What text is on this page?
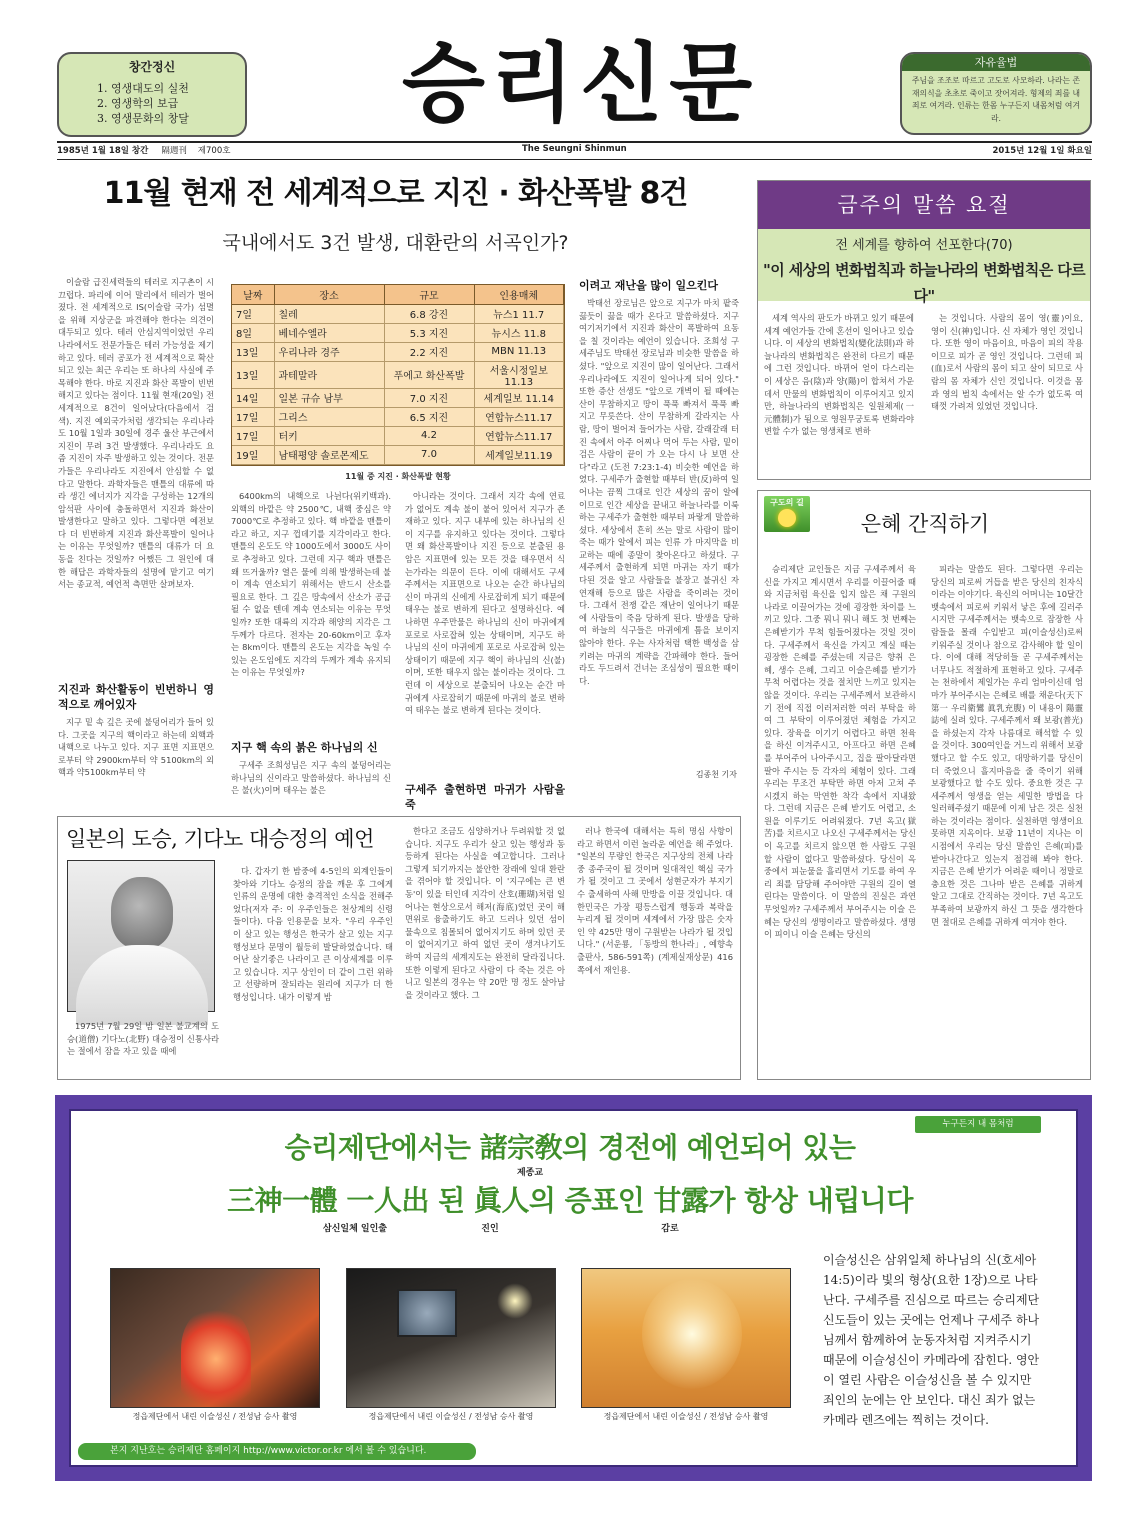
창간정신
1. 영생대도의 실천
2. 영생학의 보급
3. 영생문화의 창달	승리신문	자유율법
주님을 조조로 따르고 고도로 사모하라. 나라는 존재의식을 초초로 죽이고 잣어져라. 형제의 죄를 내 죄로 여겨라. 인류는 한몸 누구든지 내몸처럼 여겨라.
1985년 1월 18일 창간 隔週刊 제700호	The Seungni Shinmun	2015년 12월 1일 화요일
11월 현재 전 세계적으로 지진 · 화산폭발 8건
국내에서도 3건 발생, 대환란의 서곡인가?

이슬람 급진세력들의 테러로 지구촌이 시끄럽다. 파리에 이어 말리에서 테러가 벌어졌다. 전 세계적으로 IS(이슬람 국가) 섬멸을 위해 지상군을 파견해야 한다는 의견이 대두되고 있다. 테러 안심지역이었던 우리나라에서도 전문가들은 테러 가능성을 제기하고 있다. 테러 공포가 전 세계적으로 확산되고 있는 최근 우리는 또 하나의 사실에 주목해야 한다. 바로 지진과 화산 폭발이 빈번해지고 있다는 점이다. 11월 현재(20일) 전 세계적으로 8건이 일어났다(다음에서 검색). 지진 예외국가처럼 생각되는 우리나라도 10월 1일과 30일에 경주 울산 부근에서 지진이 무려 3건 발생했다. 우리나라도 요즘 지진이 자주 발생하고 있는 것이다. 전문가들은 우리나라도 지진에서 안심할 수 없다고 말한다. 과학자들은 맨틀의 대류에 따라 생긴 에너지가 지각을 구성하는 12개의 암석판 사이에 충돌하면서 지진과 화산이 발생한다고 말하고 있다. 그렇다면 예전보다 더 빈번하게 지진과 화산폭발이 일어나는 이유는 무엇일까? 맨틀의 대류가 더 요동을 친다는 것일까? 어쨌든 그 원인에 대한 해답은 과학자들의 설명에 맡기고 여기서는 종교적, 예언적 측면만 살펴보자.

지진과 화산활동이 빈번하니 영적으로 깨어있자

지구 밑 속 깊은 곳에 불덩어리가 들어 있다. 그곳을 지구의 핵이라고 하는데 외핵과 내핵으로 나누고 있다. 지구 표면 지표면으로부터 약 2900km부터 약 5100km의 외핵과 약5100km부터 약

날짜	장소	규모	인용매체
7일	칠레	6.8 강진	뉴스1 11.7
8일	베네수엘라	5.3 지진	뉴시스 11.8
13일	우리나라 경주	2.2 지진	MBN 11.13
13일	과테말라	푸에고 화산폭발	서울시정일보 11.13
14일	일본 규슈 남부	7.0 지진	세계일보 11.14
17일	그리스	6.5 지진	연합뉴스11.17
17일	터키	4.2	연합뉴스11.17
19일	남태평양 솔로몬제도	7.0	세계일보11.19
11월 중 지진 · 화산폭발 현황

6400km의 내핵으로 나뉜다(위키백과). 외핵의 바깥은 약 2500℃, 내핵 중심은 약 7000℃로 추정하고 있다. 핵 바깥을 맨틀이라고 하고, 지구 껍데기를 지각이라고 한다. 맨틀의 온도도 약 1000도에서 3000도 사이로 추정하고 있다. 그런데 지구 핵과 맨틀은 왜 뜨거울까? 열은 물에 의해 발생하는데 불이 계속 연소되기 위해서는 반드시 산소를 필요로 한다. 그 깊은 땅속에서 산소가 공급될 수 없을 텐데 계속 연소되는 이유는 무엇일까? 또한 대륙의 지각과 해양의 지각은 그 두께가 다르다. 전자는 20-60km이고 후자는 8km이다. 맨틀의 온도는 지각을 녹일 수 있는 온도임에도 지각의 두께가 계속 유지되는 이유는 무엇일까?

지구 핵 속의 붉은 하나님의 신

구세주 조희성님은 지구 속의 불덩어리는 하나님의 신이라고 말씀하셨다. 하나님의 신은 불(火)이며 태우는 불은

아니라는 것이다. 그래서 지각 속에 연료가 없어도 계속 불이 붙어 있어서 지구가 존재하고 있다. 지구 내부에 있는 하나님의 신이 지구를 유지하고 있다는 것이다. 그렇다면 왜 화산폭발이나 지진 등으로 분출된 용암은 지표면에 있는 모든 것을 태우면서 식는가라는 의문이 든다. 이에 대해서도 구세주께서는 지표면으로 나오는 순간 하나님의 신이 마귀의 신에게 사로잡히게 되기 때문에 태우는 불로 변하게 된다고 설명하신다. 예나하면 우주만물은 하나님의 신이 마귀에게 포로로 사로잡혀 있는 상태이며, 지구도 하나님의 신이 마귀에게 포로로 사로잡혀 있는 상태이기 때문에 지구 핵이 하나님의 신(불)이며, 또한 태우지 않는 불이라는 것이다. 그런데 이 세상으로 분출되어 나오는 순간 마귀에게 사로잡히기 때문에 마귀의 불로 변하여 태우는 불로 변하게 된다는 것이다.

구세주 출현하면 마귀가 사람을 죽
이려고 재난을 많이 일으킨다

박태선 장로님은 앞으로 지구가 마치 팥죽 끓듯이 끓을 때가 온다고 말씀하셨다. 지구 여기저기에서 지진과 화산이 폭발하여 요동을 칠 것이라는 예언이 있습니다. 조희성 구세주님도 박태선 장로님과 비슷한 말씀을 하셨다. "앞으로 지진이 많이 일어난다. 그래서 우리나라에도 지진이 일어나게 되어 있다." 또한 증산 선생도 "앞으로 개벽이 될 때에는 산이 무참하지고 땅이 푹푹 빠져서 푹푹 빠지고 무릇쓴다. 산이 무참하게 갈라지는 사람, 땅이 벌어져 들어가는 사람, 갈래갈래 터진 속에서 아주 어찌나 먹어 두는 사람, 밑이 검은 사람이 끝이 가 오는 다시 나 보면 산다"라고 (도전 7:23:1-4) 비슷한 예언을 하였다. 구세주가 출현할 때부터 반(反)하여 일어나는 끔찍 그대로 인간 세상의 꿈이 알에이므로 인간 세상을 끝내고 하늘나라를 이룩하는 구세주가 출현한 때부터 파랗게 말씀하셨다. 세상에서 흔히 쓰는 말로 사람이 많이 죽는 때가 알에서 피는 인류 가 마지막을 비교하는 때에 종말이 찾아온다고 하셨다. 구세주께서 출현하게 되면 마귀는 자기 때가 다된 것을 알고 사람들을 불장고 불귀신 자연재해 등으로 많은 사람을 죽이려는 것이다. 그래서 전쟁 같은 재난이 일어나기 때문에 사람들이 죽음 당하게 된다. 발생을 당하여 하늘의 식구들은 마귀에게 틈을 보이지 않아야 한다. 우는 사자처럼 택한 백성을 삼키려는 마귀의 계략을 간파해야 한다. 들어라도 두드려서 건너는 조심성이 필요한 때이다.

김종천 기자
금주의 말씀 요절
전 세계를 향하여 선포한다(70)
"이 세상의 변화법칙과 하늘나라의 변화법칙은 다르다"

세계 역사의 판도가 바뀌고 있기 때문에 세계 예언가들 간에 혼선이 일어나고 있습니다. 이 세상의 변화법칙(變化法則)과 하늘나라의 변화법칙은 완전히 다르기 때문에 그런 것입니다. 바뀌어 얻이 다스리는 이 세상은 음(陰)과 양(陽)이 합쳐서 가운데서 만물의 변화법칙이 이루어지고 있지만, 하늘나라의 변화법칙은 일원체제(一元體制)가 됨으로 영원무궁토록 변화라야 변할 수가 없는 영생체로 변하

는 것입니다. 사람의 몸이 영(靈)이요, 영이 신(神)입니다. 신 자체가 영인 것입니다. 또한 영이 마음이요, 마음이 피의 작용이므로 피가 곧 영인 것입니다. 그런데 피(血)로서 사람의 몸이 되고 살이 되므로 사람의 몸 자체가 신인 것입니다. 이것을 몸과 영의 범칙 속에서는 알 수가 없도록 여태껏 가려져 있었던 것입니다.

구도의 길
은혜 간직하기

승리제단 교인들은 지금 구세주께서 육신을 가지고 계시면서 우리를 이끌어줄 때와 지금처럼 육신을 입지 않은 채 구원의 나라로 이끌어가는 것에 굉장한 차이를 느끼고 있다. 그중 뭐니 뭐니 해도 첫 번째는 은혜받기가 무척 힘들어졌다는 것일 것이다. 구세주께서 육신을 가지고 계실 때는 굉장한 은혜를 주셨는데 지금은 향취 은혜, 생수 은혜, 그리고 이슬은혜를 받기가 무척 어렵다는 것을 절치만 느끼고 있지는 않을 것이다. 우리는 구세주께서 보관하시기 전에 직접 이러저러한 여러 부탁을 하여 그 부탁이 이루어졌던 체험을 가지고 있다. 장육을 이기기 어렵다고 하면 천육을 하신 이겨주시고, 아프다고 하면 은혜를 부어주어 나아주시고, 집을 팔아달라면 팔아 주시는 등 각자의 체험이 있다. 그래 우리는 무조건 부탁만 하면 아저 고쳐 주시겠지 하는 막연한 착각 속에서 지내왔다. 그런데 지금은 은혜 받기도 어렵고, 소원을 이루기도 어려워졌다. 7년 옥고(獄苦)를 치르시고 나오신 구세주께서는 당신이 옥고를 치르지 않으면 한 사람도 구원할 사람이 없다고 말씀하셨다. 당신이 옥중에서 피눈물을 흘리면서 기도를 하여 우리 죄를 담당해 주어야만 구원의 길이 열린다는 말씀이다. 이 말씀의 진실은 과연 무엇일까? 구세주께서 부어주시는 이슬 은혜는 당신의 생명이라고 말씀하셨다. 생명이 피이니 이슬 은혜는 당신의

피라는 말씀도 된다. 그렇다면 우리는 당신의 피로써 거듭을 받은 당신의 친자식이라는 이야기다. 육신의 어머니는 10달간 뱃속에서 피로써 키워서 낳은 후에 길러주시지만 구세주께서는 뱃속으로 잠장한 사람들을 몰래 수입받고 피(이슬성신)로써 키워주실 것이나 참으로 감사해야 할 일이다. 이에 대해 적당히들 곧 구세주께서는 너무나도 적절하게 표현하고 있다. 구세주는 천하에서 제일가는 우리 엄마이신데 엄마가 부어주시는 은혜로 배를 채운다(天下第一 우리衛鸞 眞乳充腹) 이 내용이 陽靈誌에 실려 있다. 구세주께서 왜 보광(普光)을 하셨는지 각자 나름대로 해석할 수 있을 것이다. 300여인을 거느리 위해서 보광했다고 할 수도 있고, 대망하기를 당신이 더 죽였으니 흘지마음을 줄 죽이기 위해 보광했다고 할 수도 있다. 중요한 것은 구세주께서 영생을 얻는 세밀한 방법을 다 일러해주셨기 때문에 이제 남은 것은 실천하는 것이라는 점이다. 실천하면 영생이요 못하면 지옥이다. 보광 11년이 지나는 이 시점에서 우리는 당신 말씀인 은혜(피)를 받아나간다고 있는지 점검해 봐야 한다. 지금은 은혜 받기가 어려운 때이니 정말로 충요한 것은 그나마 받은 은혜를 귀하게 알고 그대로 간직하는 것이다. 7년 옥고도 부족하여 보광까지 하신 그 뜻을 생각한다면 절대로 은혜를 귀하게 여겨야 한다.

일본의 도승, 기다노 대승정의 예언

1975년 7월 29일 밤 일본 불교계의 도승(道僧) 기다노(北野) 대승정이 신통사라는 절에서 잠을 자고 있을 때에

다. 갑자기 한 밤중에 4-5인의 외계인들이 찾아와 기다노 승정의 잠을 깨운 후 그에게 인류의 운명에 대한 충격적인 소식을 전해주었다(저자 주: 이 우주인들은 천상계의 신령들이다). 다음 인용문을 보자. "우리 우주인이 살고 있는 행성은 한국가 살고 있는 지구 행성보다 문명이 월등히 발달하였습니다. 태어난 살기좋은 나라이고 큰 이상세계를 이루고 있습니다. 지구 상인이 더 같이 그런 위하고 선량하며 잘되라는 원리에 지구가 더 한 행성입니다. 내가 이렇게 밤

한다고 조금도 심양하거나 두려워할 것 없습니다. 지구도 우리가 살고 있는 행성과 동등하게 된다는 사실을 예고합니다. 그러나 그렇게 되기까지는 불안한 장래에 일대 환란을 겪어야 할 것입니다. 이 '지구에는 큰 변동'이 있을 터인데 지각이 산호(珊瑚)처럼 일어나는 현상으로서 해저(海底)였던 곳이 해면위로 융출하기도 하고 드러나 있던 섬이 물속으로 침몰되어 없어지기도 하며 있던 곳이 없어지기고 하여 없던 곳이 생겨나기도 하여 지금의 세계지도는 완전히 달라집니다. 또한 이렇게 된다고 사람이 다 죽는 것은 아니고 일본의 경우는 약 20만 명 정도 살아남을 것이라고 했다. 그

러나 한국에 대해서는 특히 명심 사항이라고 하면서 이런 놀라운 예언을 해 주었다. "일본의 무량인 한국은 지구상의 전체 나라 중 종주국이 될 것이며 일대적인 핵심 국가가 될 것이고 그 곳에서 성현군자가 부지기수 출세하여 사해 만방을 이끌 것입니다. 대한민국은 가장 평등스럽게 행동과 복락을 누리게 될 것이며 세계에서 가장 많은 숫자인 약 425만 명이 구원받는 나라가 될 것입니다." (서운룡, 「동방의 한나라」, 예향속출판사, 586-591쪽) (계제실재상문) 416쪽에서 재인용.

누구든지 내 몸처럼
승리제단에서는 諸宗敎의 경전에 예언되어 있는
제종교
三神一體 一人出 된 眞人의 증표인 甘露가 항상 내립니다
삼신일체 일인출	진인	감로
정읍제단에서 내린 이슬성신 / 전성남 승사 촬영	정읍제단에서 내린 이슬성신 / 전성남 승사 촬영	정읍제단에서 내린 이슬성신 / 전성남 승사 촬영
이슬성신은 삼위일체 하나님의 신(호세아 14:5)이라 빛의 형상(요한 1장)으로 나타난다. 구세주를 진심으로 따르는 승리제단 신도들이 있는 곳에는 언제나 구세주 하나님께서 함께하여 눈동자처럼 지켜주시기 때문에 이슬성신이 카메라에 잡힌다. 영안이 열린 사람은 이슬성신을 볼 수 있지만 죄인의 눈에는 안 보인다. 대신 죄가 없는 카메라 렌즈에는 찍히는 것이다.
본지 지난호는 승리제단 홈페이지 http://www.victor.or.kr 에서 볼 수 있습니다.
